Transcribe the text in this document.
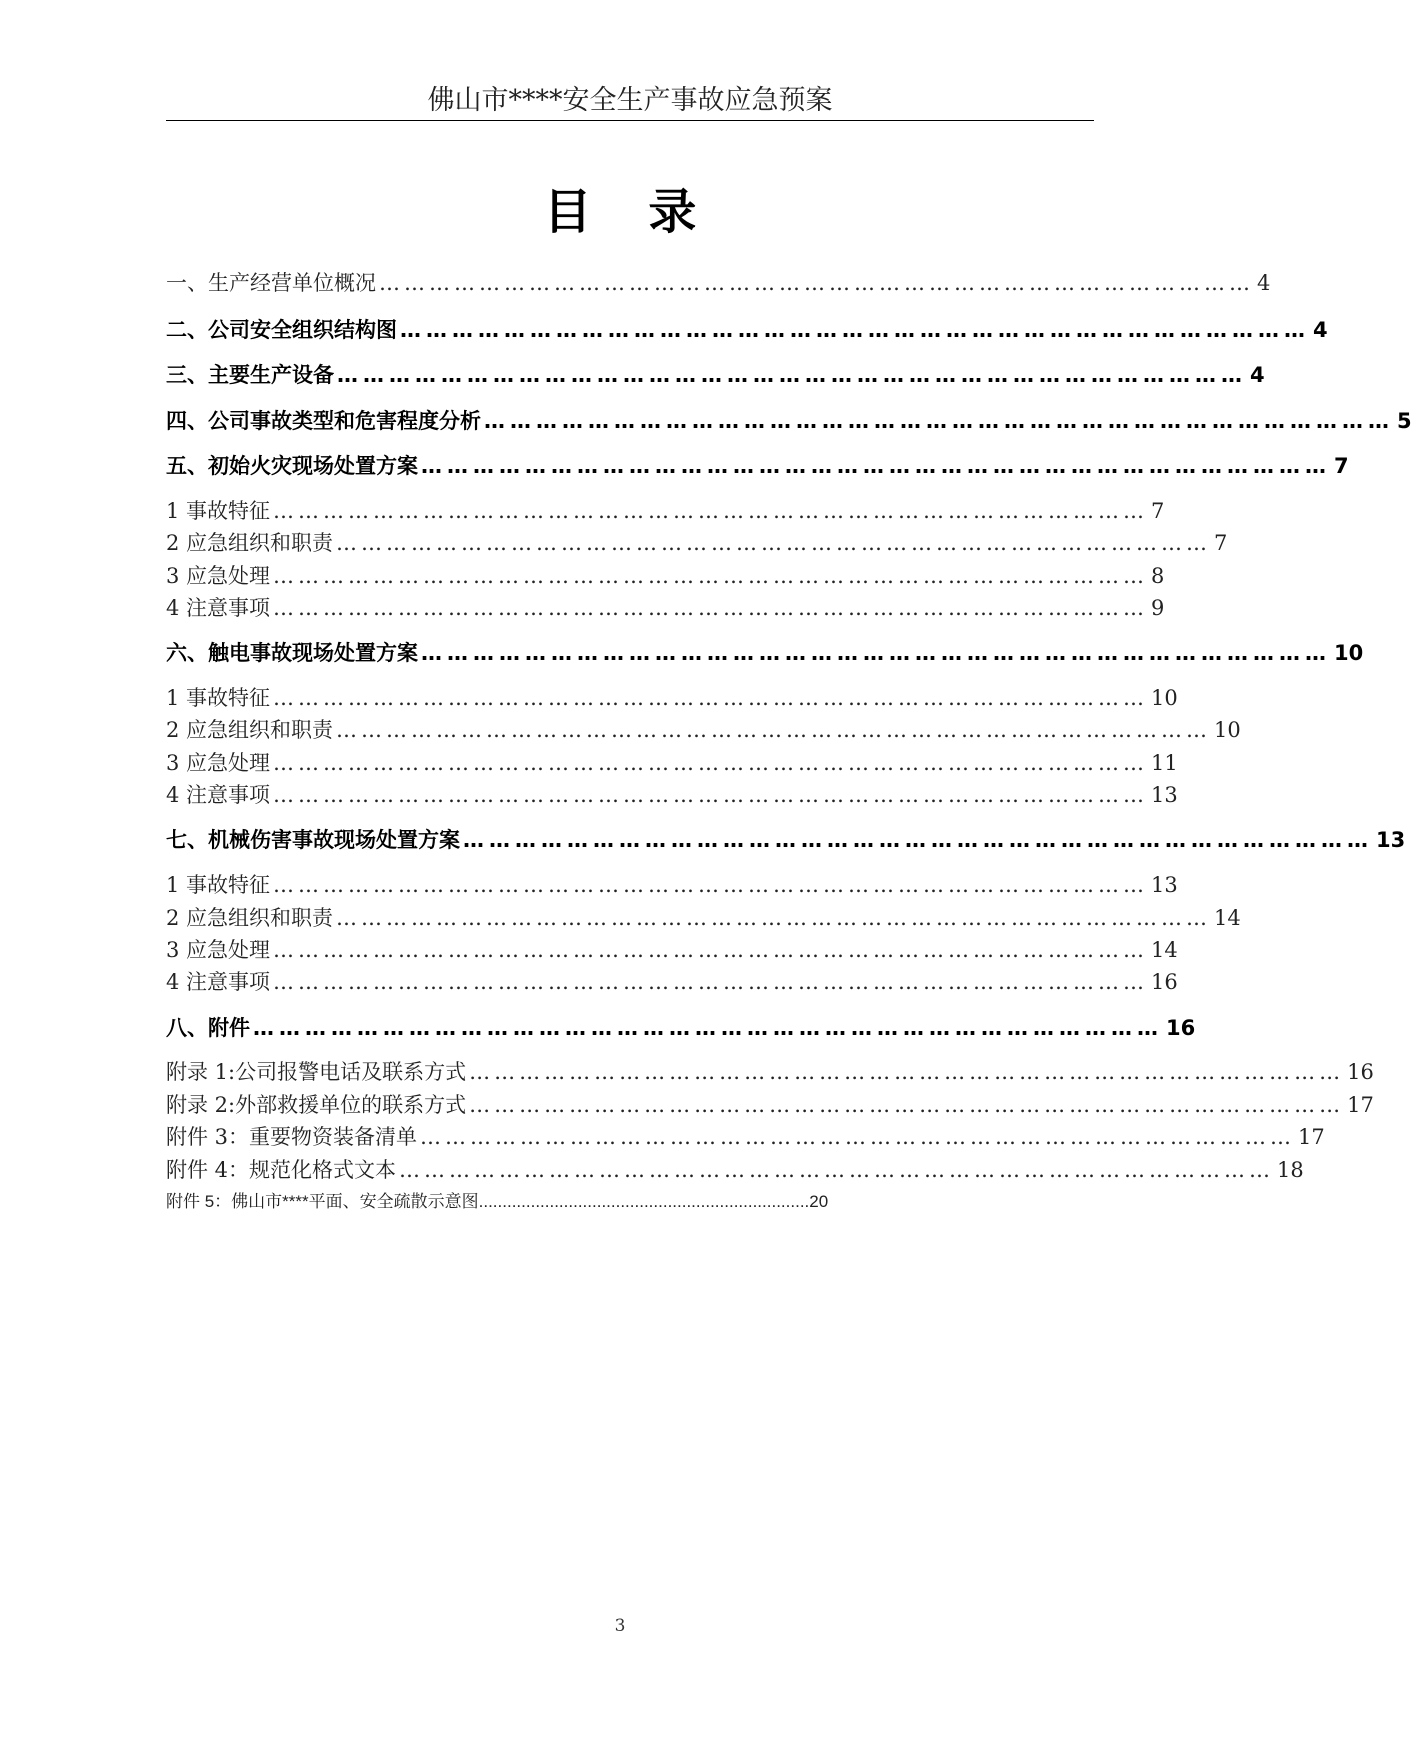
佛山市****安全生产事故应急预案
目 录
一、生产经营单位概况 …………………………………………………………………………………………… 4
二、公司安全组织结构图 …………………………………………………………………………………………… 4
三、主要生产设备 …………………………………………………………………………………………… 4
四、公司事故类型和危害程度分析 …………………………………………………………………………………………… 5
五、初始火灾现场处置方案 …………………………………………………………………………………………… 7
1 事故特征 …………………………………………………………………………………………… 7
2 应急组织和职责 …………………………………………………………………………………………… 7
3 应急处理 …………………………………………………………………………………………… 8
4 注意事项 …………………………………………………………………………………………… 9
六、触电事故现场处置方案 …………………………………………………………………………………………… 10
1 事故特征 …………………………………………………………………………………………… 10
2 应急组织和职责 …………………………………………………………………………………………… 10
3 应急处理 …………………………………………………………………………………………… 11
4 注意事项 …………………………………………………………………………………………… 13
七、机械伤害事故现场处置方案 …………………………………………………………………………………………… 13
1 事故特征 …………………………………………………………………………………………… 13
2 应急组织和职责 …………………………………………………………………………………………… 14
3 应急处理 …………………………………………………………………………………………… 14
4 注意事项 …………………………………………………………………………………………… 16
八、附件 …………………………………………………………………………………………… 16
附录 1:公司报警电话及联系方式 …………………………………………………………………………………………… 16
附录 2:外部救援单位的联系方式 …………………………………………………………………………………………… 17
附件 3：重要物资装备清单 …………………………………………………………………………………………… 17
附件 4：规范化格式文本 …………………………………………………………………………………………… 18
附件 5：佛山市****平面、安全疏散示意图......................................................................20
3
